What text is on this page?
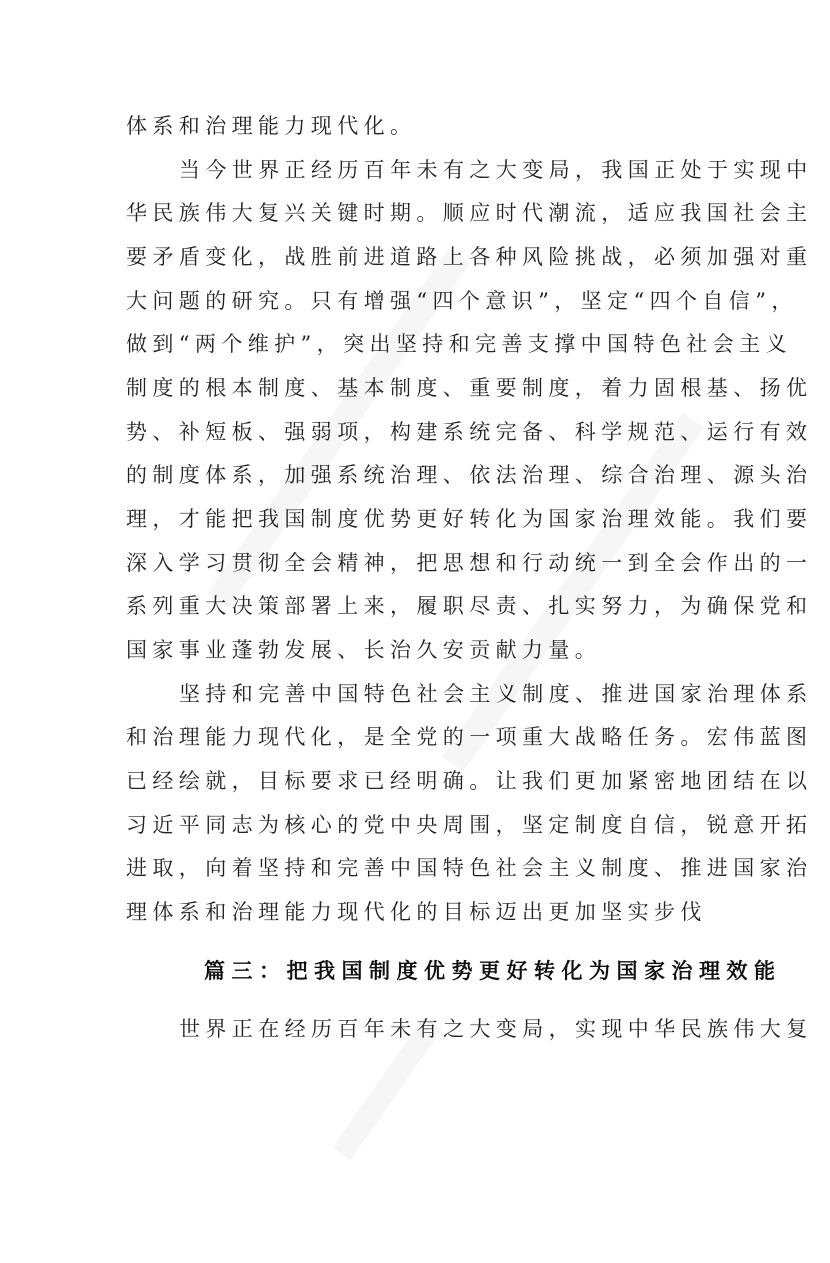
体系和治理能力现代化。
当今世界正经历百年未有之大变局，我国正处于实现中
华民族伟大复兴关键时期。顺应时代潮流，适应我国社会主
要矛盾变化，战胜前进道路上各种风险挑战，必须加强对重
大问题的研究。只有增强“四个意识”，坚定“四个自信”，
做到“两个维护”，突出坚持和完善支撑中国特色社会主义
制度的根本制度、基本制度、重要制度，着力固根基、扬优
势、补短板、强弱项，构建系统完备、科学规范、运行有效
的制度体系，加强系统治理、依法治理、综合治理、源头治
理，才能把我国制度优势更好转化为国家治理效能。我们要
深入学习贯彻全会精神，把思想和行动统一到全会作出的一
系列重大决策部署上来，履职尽责、扎实努力，为确保党和
国家事业蓬勃发展、长治久安贡献力量。
坚持和完善中国特色社会主义制度、推进国家治理体系
和治理能力现代化，是全党的一项重大战略任务。宏伟蓝图
已经绘就，目标要求已经明确。让我们更加紧密地团结在以
习近平同志为核心的党中央周围，坚定制度自信，锐意开拓
进取，向着坚持和完善中国特色社会主义制度、推进国家治
理体系和治理能力现代化的目标迈出更加坚实步伐
篇三：把我国制度优势更好转化为国家治理效能
世界正在经历百年未有之大变局，实现中华民族伟大复
